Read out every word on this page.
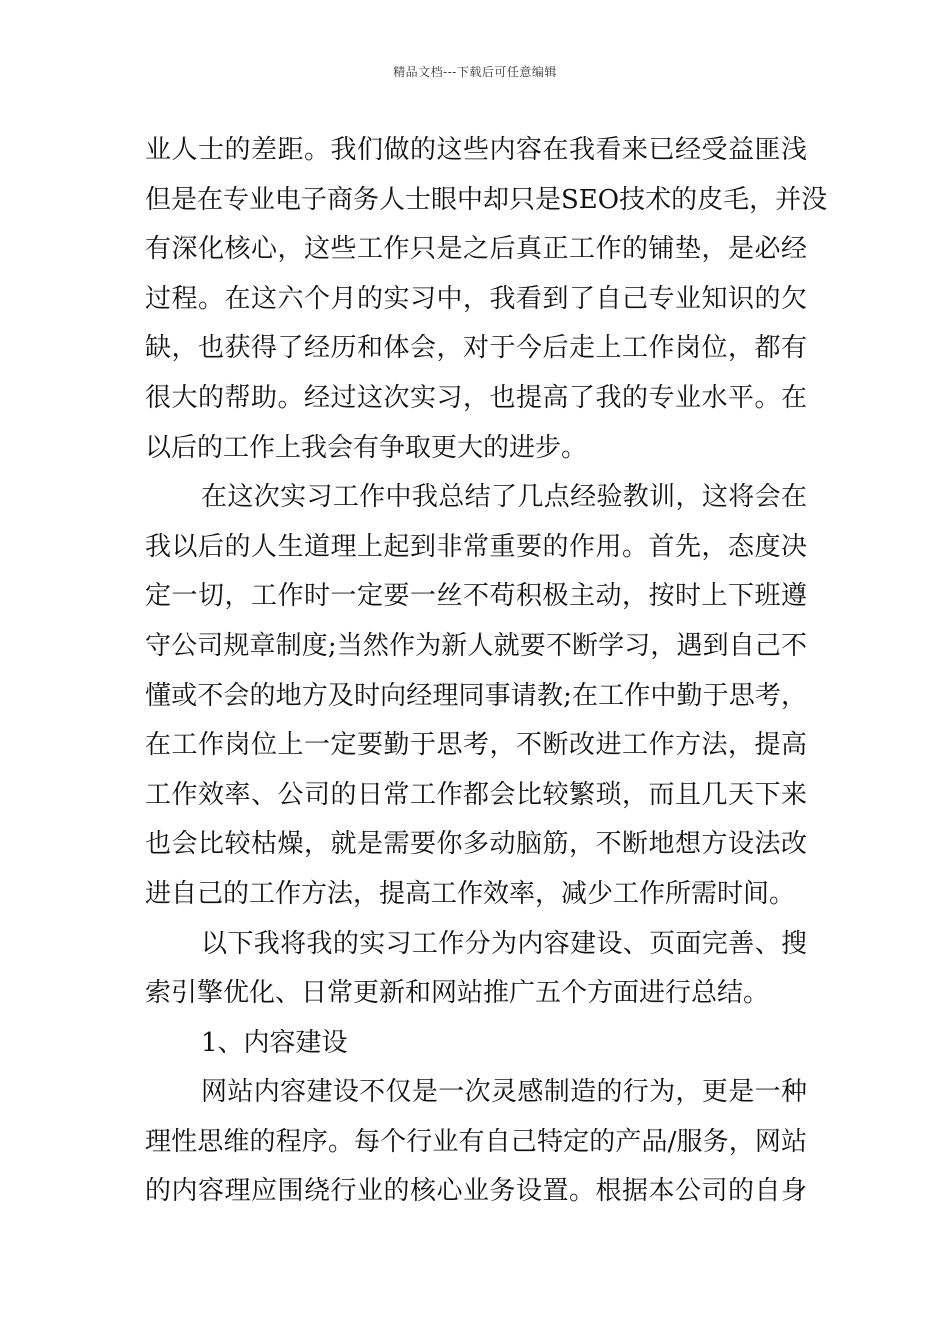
精品文档---下载后可任意编辑
业人士的差距。我们做的这些内容在我看来已经受益匪浅
但是在专业电子商务人士眼中却只是SEO技术的皮毛，并没
有深化核心，这些工作只是之后真正工作的铺垫，是必经
过程。在这六个月的实习中，我看到了自己专业知识的欠
缺，也获得了经历和体会，对于今后走上工作岗位，都有
很大的帮助。经过这次实习，也提高了我的专业水平。在
以后的工作上我会有争取更大的进步。
在这次实习工作中我总结了几点经验教训，这将会在
我以后的人生道理上起到非常重要的作用。首先，态度决
定一切，工作时一定要一丝不苟积极主动，按时上下班遵
守公司规章制度;当然作为新人就要不断学习，遇到自己不
懂或不会的地方及时向经理同事请教;在工作中勤于思考，
在工作岗位上一定要勤于思考，不断改进工作方法，提高
工作效率、公司的日常工作都会比较繁琐，而且几天下来
也会比较枯燥，就是需要你多动脑筋，不断地想方设法改
进自己的工作方法，提高工作效率，减少工作所需时间。
以下我将我的实习工作分为内容建设、页面完善、搜
索引擎优化、日常更新和网站推广五个方面进行总结。
1、内容建设
网站内容建设不仅是一次灵感制造的行为，更是一种
理性思维的程序。每个行业有自己特定的产品/服务，网站
的内容理应围绕行业的核心业务设置。根据本公司的自身
